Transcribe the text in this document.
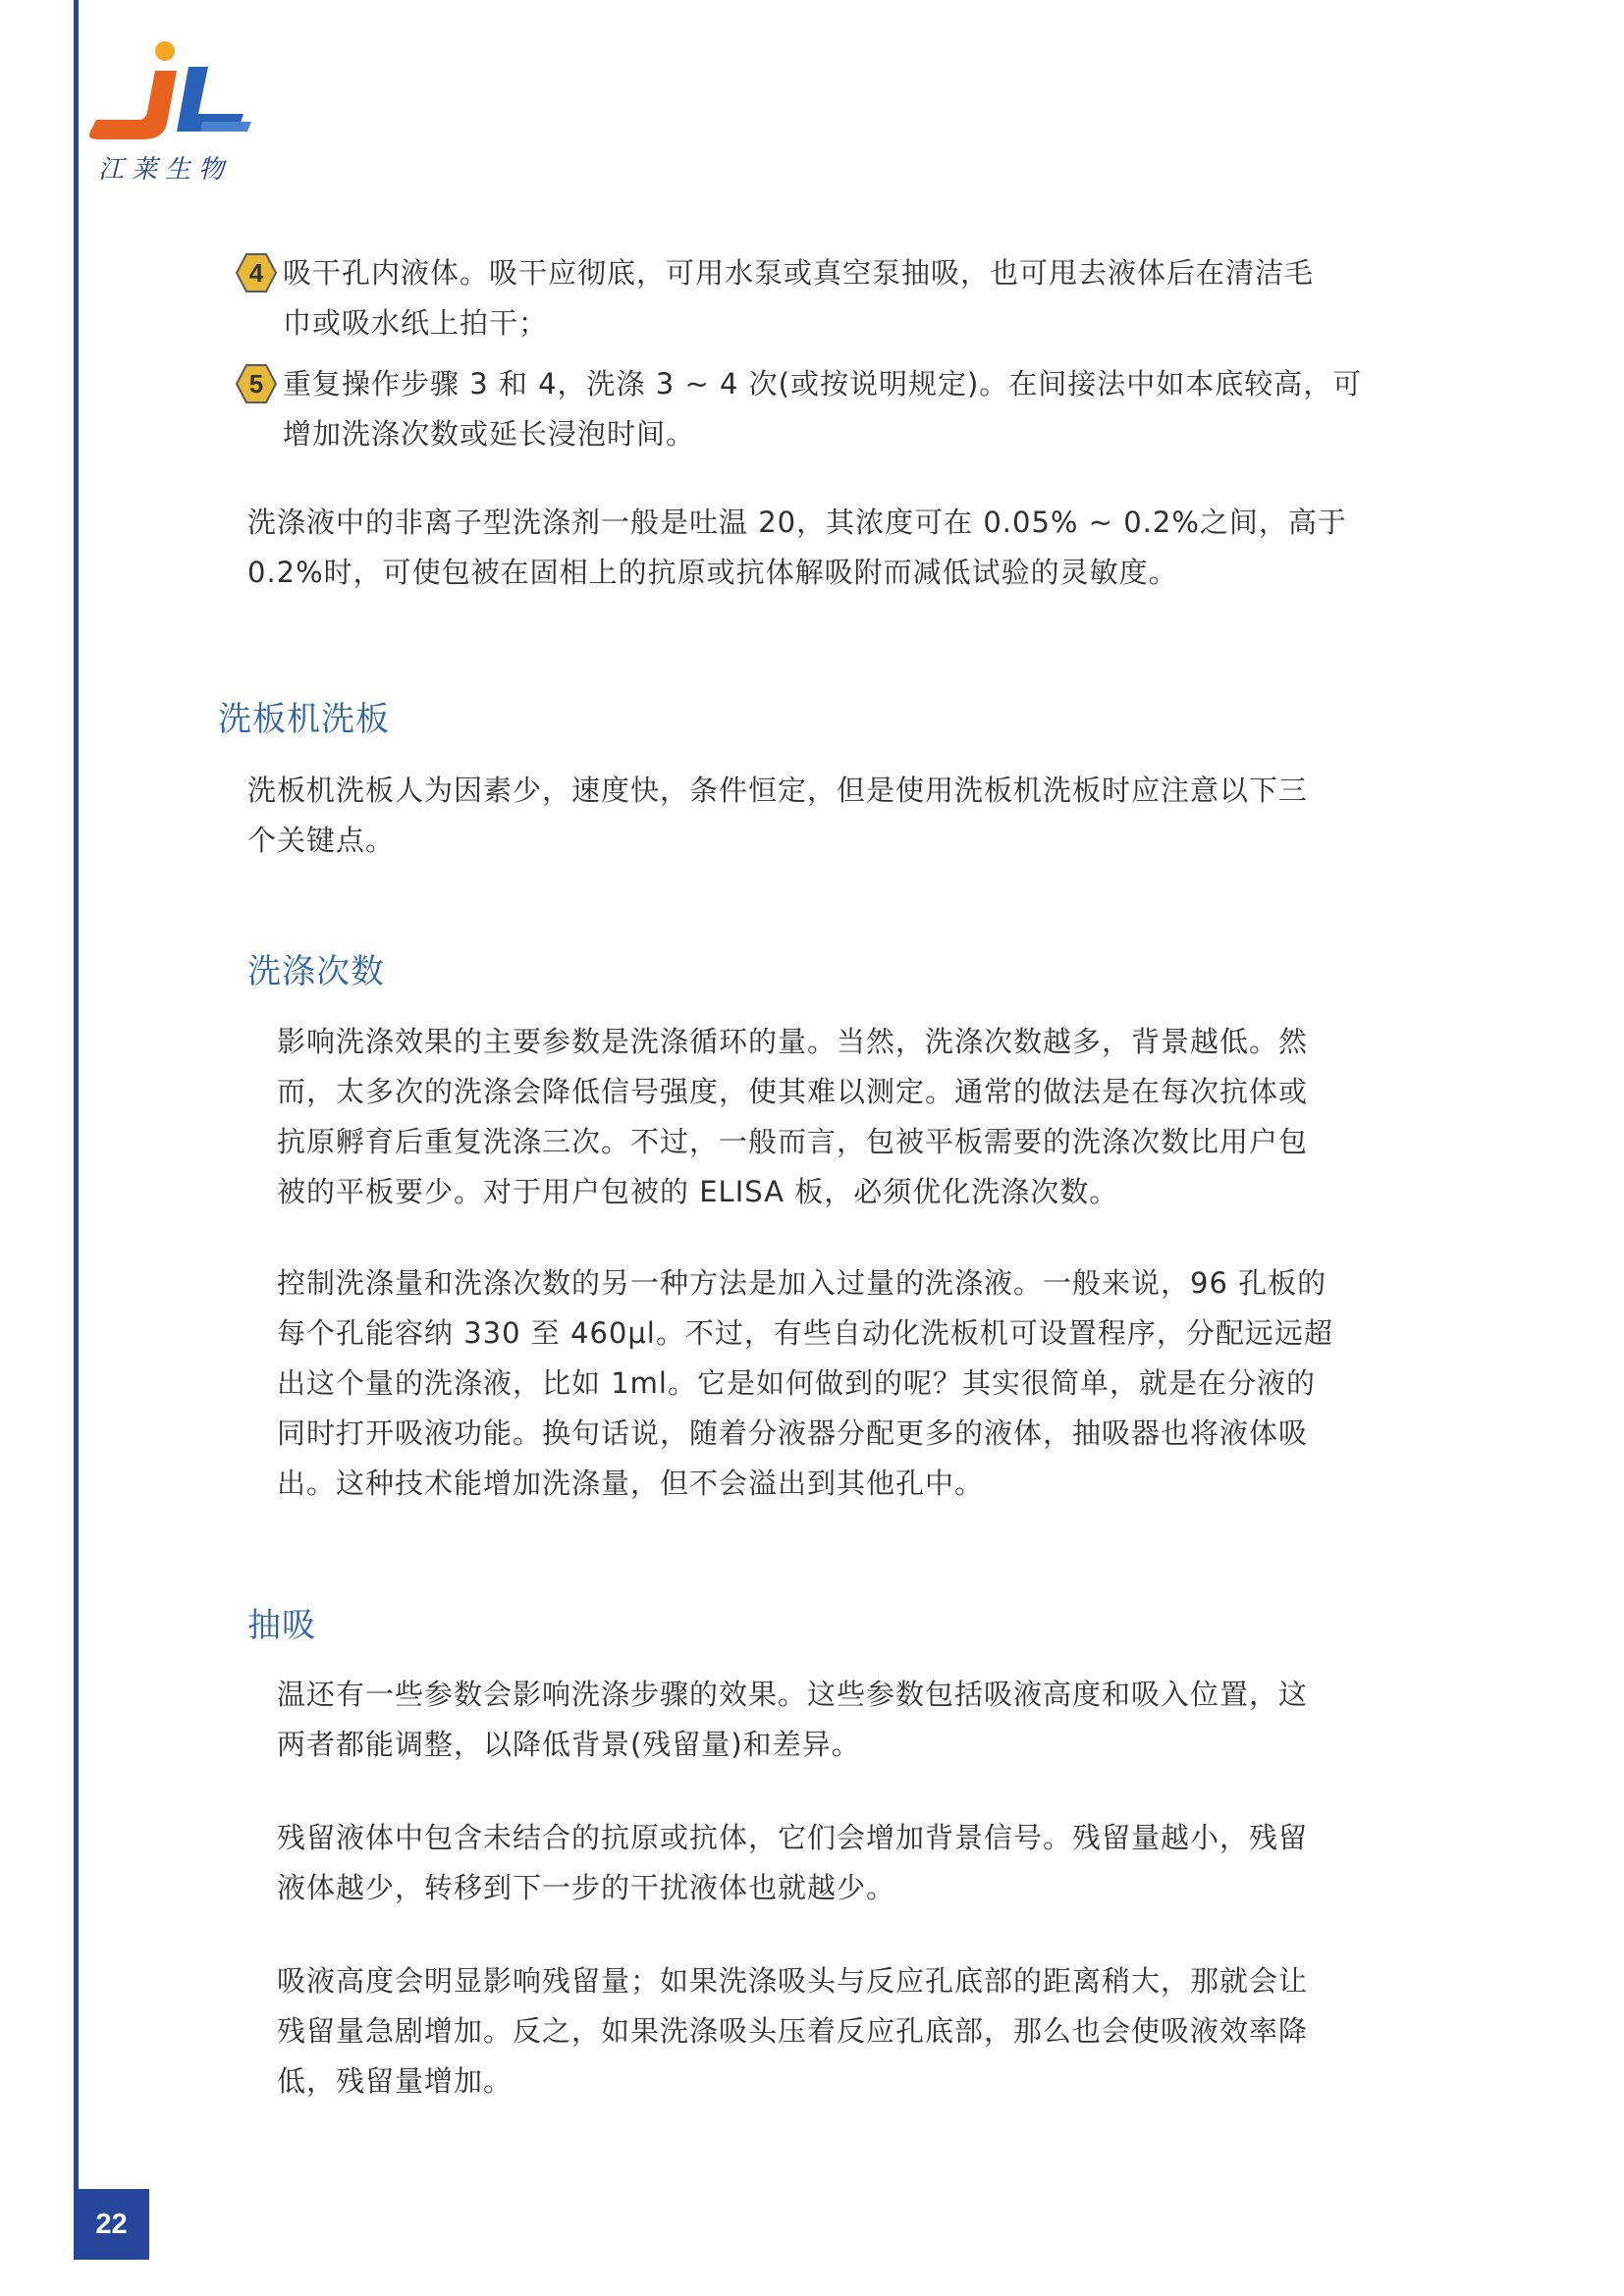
江莱生物
4 吸干孔内液体。吸干应彻底，可用水泵或真空泵抽吸，也可甩去液体后在清洁毛
巾或吸水纸上拍干；

5 重复操作步骤 3 和 4，洗涤 3 ~ 4 次(或按说明规定)。在间接法中如本底较高，可
增加洗涤次数或延长浸泡时间。

洗涤液中的非离子型洗涤剂一般是吐温 20，其浓度可在 0.05% ~ 0.2%之间，高于
0.2%时，可使包被在固相上的抗原或抗体解吸附而减低试验的灵敏度。

洗板机洗板

洗板机洗板人为因素少，速度快，条件恒定，但是使用洗板机洗板时应注意以下三
个关键点。

洗涤次数

影响洗涤效果的主要参数是洗涤循环的量。当然，洗涤次数越多，背景越低。然
而，太多次的洗涤会降低信号强度，使其难以测定。通常的做法是在每次抗体或
抗原孵育后重复洗涤三次。不过，一般而言，包被平板需要的洗涤次数比用户包
被的平板要少。对于用户包被的 ELISA 板，必须优化洗涤次数。

控制洗涤量和洗涤次数的另一种方法是加入过量的洗涤液。一般来说，96 孔板的
每个孔能容纳 330 至 460μl。不过，有些自动化洗板机可设置程序，分配远远超
出这个量的洗涤液，比如 1ml。它是如何做到的呢？其实很简单，就是在分液的
同时打开吸液功能。换句话说，随着分液器分配更多的液体，抽吸器也将液体吸
出。这种技术能增加洗涤量，但不会溢出到其他孔中。

抽吸

温还有一些参数会影响洗涤步骤的效果。这些参数包括吸液高度和吸入位置，这
两者都能调整，以降低背景(残留量)和差异。

残留液体中包含未结合的抗原或抗体，它们会增加背景信号。残留量越小，残留
液体越少，转移到下一步的干扰液体也就越少。

吸液高度会明显影响残留量；如果洗涤吸头与反应孔底部的距离稍大，那就会让
残留量急剧增加。反之，如果洗涤吸头压着反应孔底部，那么也会使吸液效率降
低，残留量增加。

22
